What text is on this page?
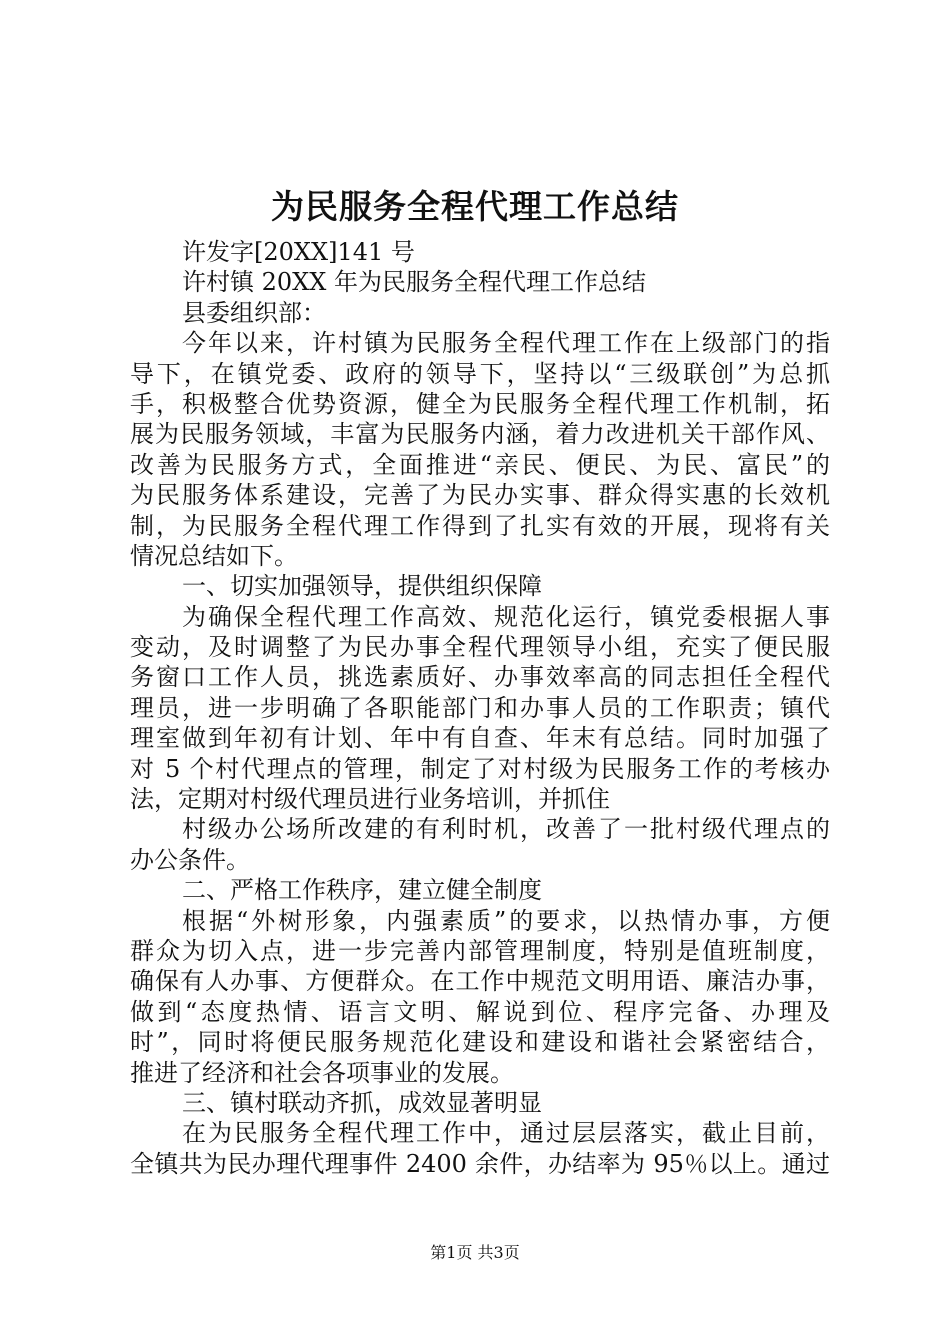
为民服务全程代理工作总结
许发字[20XX]141 号
许村镇 20XX 年为民服务全程代理工作总结
县委组织部：
今年以来，许村镇为民服务全程代理工作在上级部门的指
导下，在镇党委、政府的领导下，坚持以“三级联创”为总抓
手，积极整合优势资源，健全为民服务全程代理工作机制，拓
展为民服务领域，丰富为民服务内涵，着力改进机关干部作风、
改善为民服务方式，全面推进“亲民、便民、为民、富民”的
为民服务体系建设，完善了为民办实事、群众得实惠的长效机
制，为民服务全程代理工作得到了扎实有效的开展，现将有关
情况总结如下。
一、切实加强领导，提供组织保障
为确保全程代理工作高效、规范化运行，镇党委根据人事
变动，及时调整了为民办事全程代理领导小组，充实了便民服
务窗口工作人员，挑选素质好、办事效率高的同志担任全程代
理员，进一步明确了各职能部门和办事人员的工作职责；镇代
理室做到年初有计划、年中有自查、年末有总结。同时加强了
对 5 个村代理点的管理，制定了对村级为民服务工作的考核办
法，定期对村级代理员进行业务培训，并抓住
村级办公场所改建的有利时机，改善了一批村级代理点的
办公条件。
二、严格工作秩序，建立健全制度
根据“外树形象，内强素质”的要求，以热情办事，方便
群众为切入点，进一步完善内部管理制度，特别是值班制度，
确保有人办事、方便群众。在工作中规范文明用语、廉洁办事，
做到“态度热情、语言文明、解说到位、程序完备、办理及
时”，同时将便民服务规范化建设和建设和谐社会紧密结合，
推进了经济和社会各项事业的发展。
三、镇村联动齐抓，成效显著明显
在为民服务全程代理工作中，通过层层落实，截止目前，
全镇共为民办理代理事件 2400 余件，办结率为 95％以上。通过
第1页 共3页
